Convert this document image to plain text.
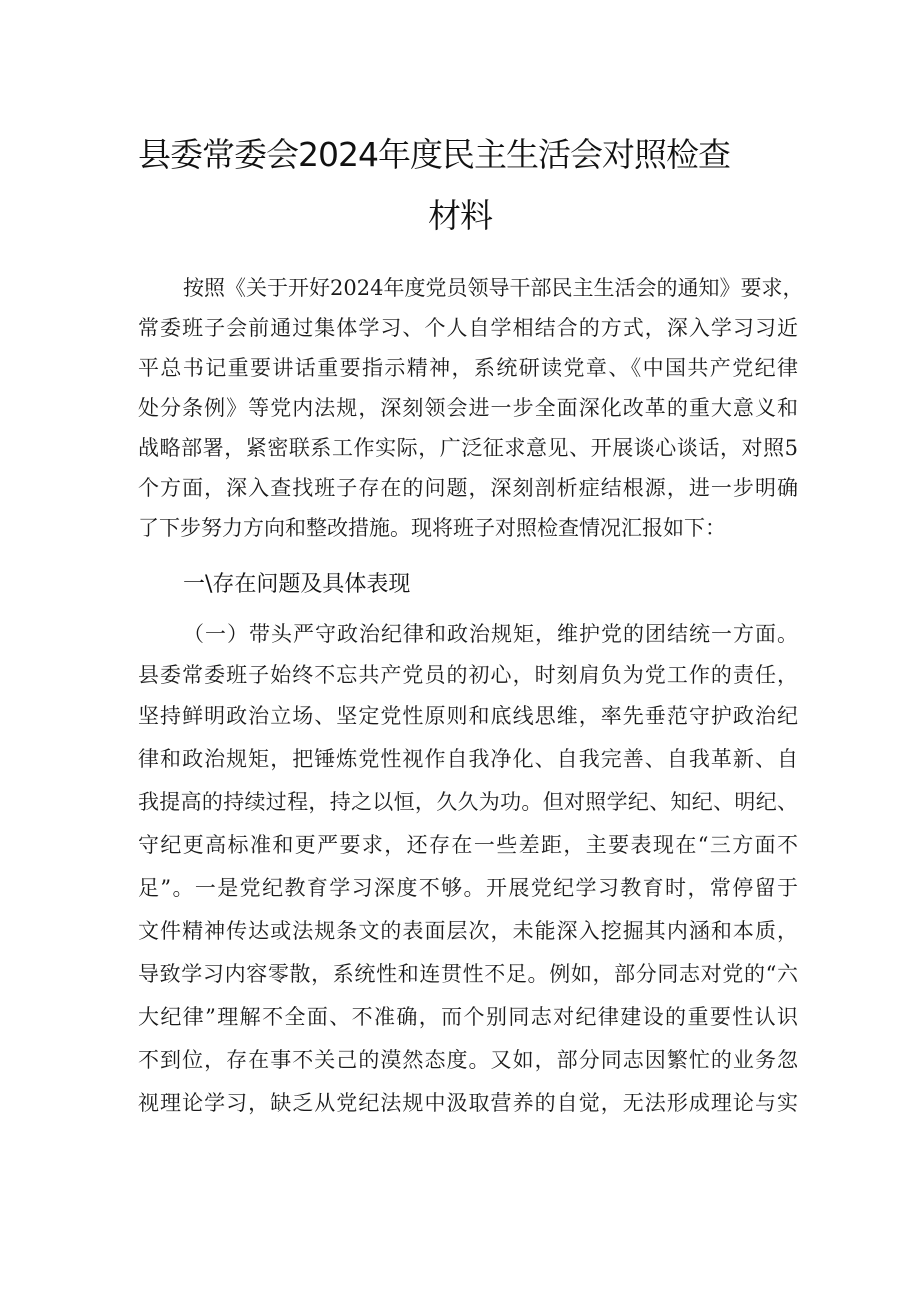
县委常委会2024年度民主生活会对照检查
材料
按照《关于开好2024年度党员领导干部民主生活会的通知》要求，
常委班子会前通过集体学习、个人自学相结合的方式，深入学习习近
平总书记重要讲话重要指示精神，系统研读党章、《中国共产党纪律
处分条例》等党内法规，深刻领会进一步全面深化改革的重大意义和
战略部署，紧密联系工作实际，广泛征求意见、开展谈心谈话，对照5
个方面，深入查找班子存在的问题，深刻剖析症结根源，进一步明确
了下步努力方向和整改措施。现将班子对照检查情况汇报如下：
一\存在问题及具体表现
（一）带头严守政治纪律和政治规矩，维护党的团结统一方面。
县委常委班子始终不忘共产党员的初心，时刻肩负为党工作的责任，
坚持鲜明政治立场、坚定党性原则和底线思维，率先垂范守护政治纪
律和政治规矩，把锤炼党性视作自我净化、自我完善、自我革新、自
我提高的持续过程，持之以恒，久久为功。但对照学纪、知纪、明纪、
守纪更高标准和更严要求，还存在一些差距，主要表现在“三方面不
足”。一是党纪教育学习深度不够。开展党纪学习教育时，常停留于
文件精神传达或法规条文的表面层次，未能深入挖掘其内涵和本质，
导致学习内容零散，系统性和连贯性不足。例如，部分同志对党的“六
大纪律”理解不全面、不准确，而个别同志对纪律建设的重要性认识
不到位，存在事不关己的漠然态度。又如，部分同志因繁忙的业务忽
视理论学习，缺乏从党纪法规中汲取营养的自觉，无法形成理论与实
